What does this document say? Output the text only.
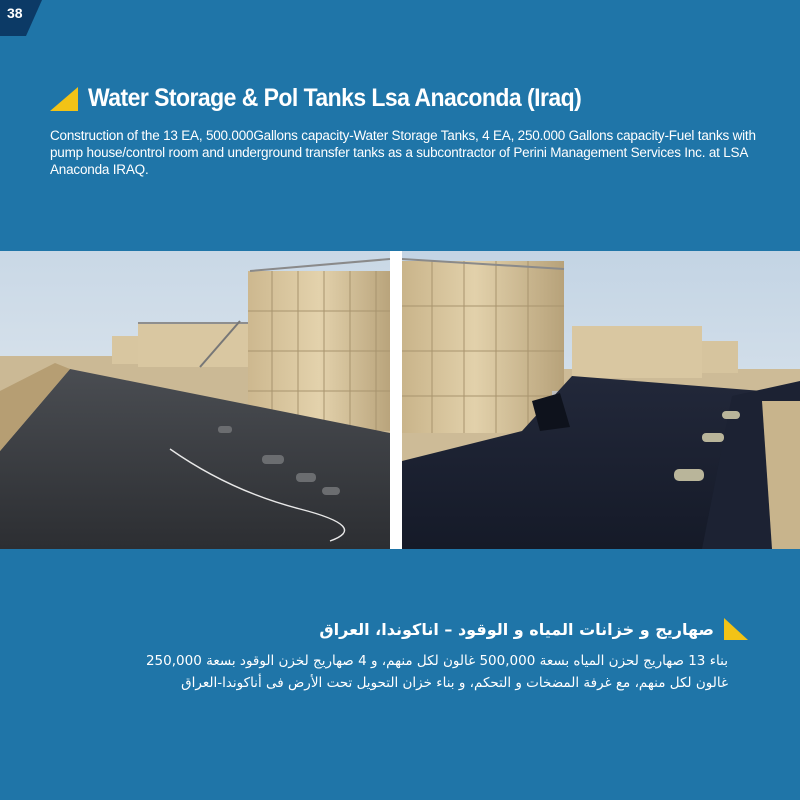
38
Water Storage & Pol Tanks Lsa Anaconda (Iraq)

Construction of the 13 EA, 500.000Gallons capacity-Water Storage Tanks, 4 EA, 250.000 Gallons capacity-Fuel tanks with pump house/control room and underground transfer tanks as a subcontractor of Perini Management Services Inc. at LSA Anaconda IRAQ.

صهاريج و خزانات المياه و الوقود – اناكوندا، العراق
بناء 13 صهاريج لحزن المياه بسعة 500,000 غالون لكل منهم، و 4 صهاريج لخزن الوقود بسعة 250,000
غالون لكل منهم، مع غرفة المضخات و التحكم، و بناء خزان التحويل تحت الأرض فى أناكوندا-العراق
